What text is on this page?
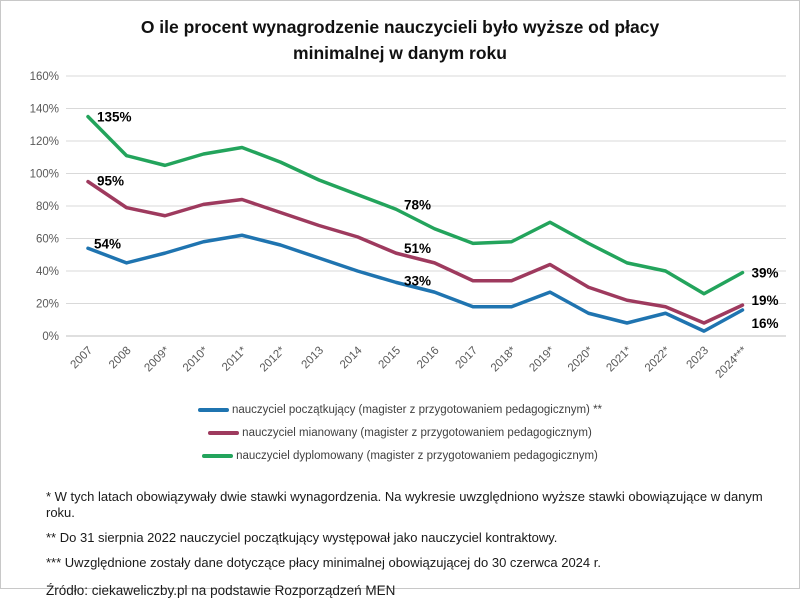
O ile procent wynagrodzenie nauczycieli było wyższe od płacy minimalnej w danym roku
0%
20%
40%
60%
80%
100%
120%
140%
160%
2007 2008 2009* 2010* 2011* 2012* 2013 2014 2015 2016 2017 2018* 2019* 2020* 2021* 2022* 2023 2024***
135%
95%
54%
78%
51%
33%
39%
19%
16%
nauczyciel początkujący (magister z przygotowaniem pedagogicznym) **
nauczyciel mianowany (magister z przygotowaniem pedagogicznym)
nauczyciel dyplomowany (magister z przygotowaniem pedagogicznym)
* W tych latach obowiązywały dwie stawki wynagordzenia. Na wykresie uwzględniono wyższe stawki obowiązujące w danym roku.
** Do 31 sierpnia 2022 nauczyciel początkujący występował jako nauczyciel kontraktowy.
*** Uwzględnione zostały dane dotyczące płacy minimalnej obowiązującej do 30 czerwca 2024 r.
Źródło: ciekaweliczby.pl na podstawie Rozporządzeń MEN
